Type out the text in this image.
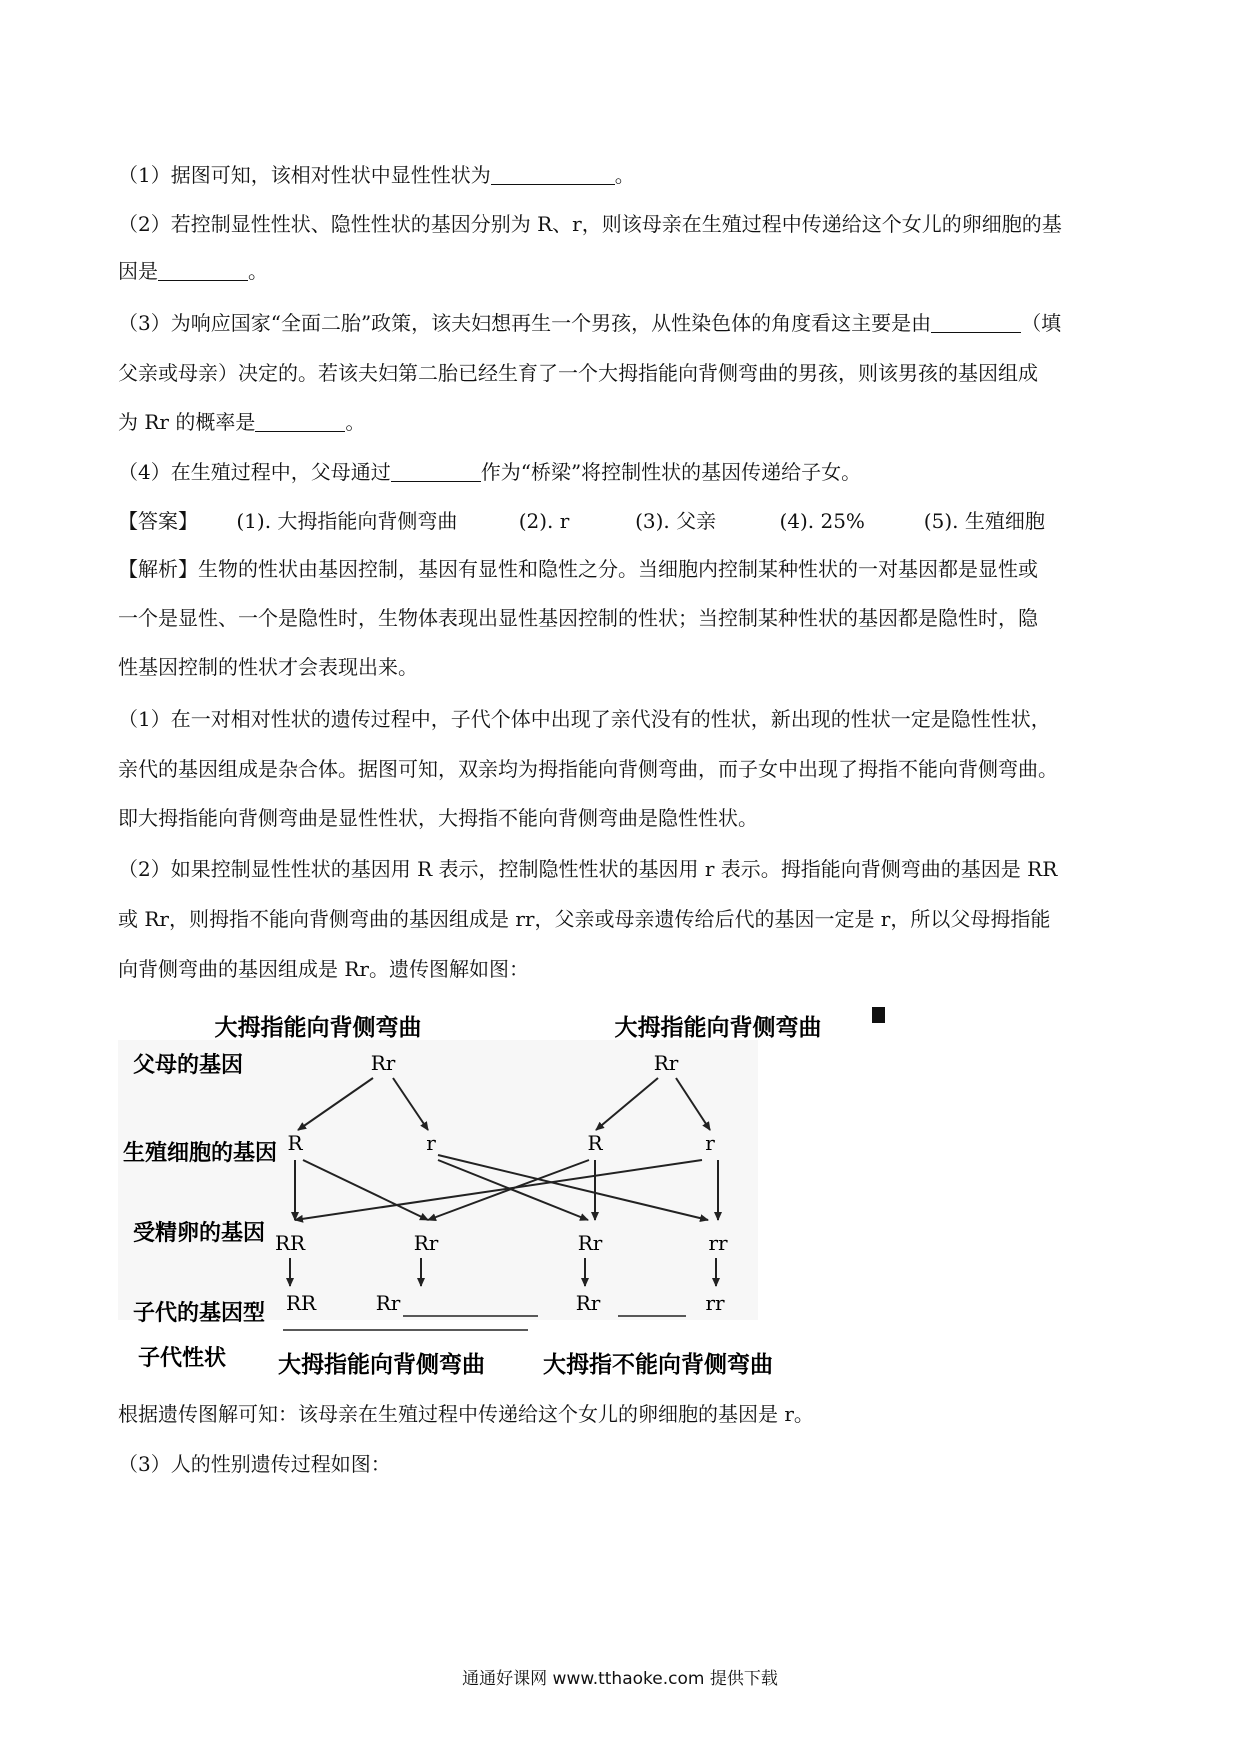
（1）据图可知，该相对性状中显性性状为	。
（2）若控制显性性状、隐性性状的基因分别为 R、r，则该母亲在生殖过程中传递给这个女儿的卵细胞的基
因是	。
（3）为响应国家“全面二胎”政策，该夫妇想再生一个男孩，从性染色体的角度看这主要是由	（填
父亲或母亲）决定的。若该夫妇第二胎已经生育了一个大拇指能向背侧弯曲的男孩，则该男孩的基因组成
为 Rr 的概率是	。
（4）在生殖过程中，父母通过	作为“桥梁”将控制性状的基因传递给子女。
【答案】 (1). 大拇指能向背侧弯曲	(2). r	(3). 父亲	(4). 25%	(5). 生殖细胞
【解析】生物的性状由基因控制，基因有显性和隐性之分。当细胞内控制某种性状的一对基因都是显性或
一个是显性、一个是隐性时，生物体表现出显性基因控制的性状；当控制某种性状的基因都是隐性时，隐
性基因控制的性状才会表现出来。
（1）在一对相对性状的遗传过程中，子代个体中出现了亲代没有的性状，新出现的性状一定是隐性性状，
亲代的基因组成是杂合体。据图可知，双亲均为拇指能向背侧弯曲，而子女中出现了拇指不能向背侧弯曲。
即大拇指能向背侧弯曲是显性性状，大拇指不能向背侧弯曲是隐性性状。
（2）如果控制显性性状的基因用 R 表示，控制隐性性状的基因用 r 表示。拇指能向背侧弯曲的基因是 RR
或 Rr，则拇指不能向背侧弯曲的基因组成是 rr，父亲或母亲遗传给后代的基因一定是 r，所以父母拇指能
向背侧弯曲的基因组成是 Rr。遗传图解如图：
大拇指能向背侧弯曲	大拇指能向背侧弯曲
父母的基因
生殖细胞的基因
受精卵的基因
子代的基因型
子代性状
Rr	Rr
R	r	R	r
RR	Rr	Rr	rr
RR	Rr	Rr	rr
大拇指能向背侧弯曲	大拇指不能向背侧弯曲
根据遗传图解可知：该母亲在生殖过程中传递给这个女儿的卵细胞的基因是 r。
（3）人的性别遗传过程如图：
通通好课网 www.tthaoke.com 提供下载
